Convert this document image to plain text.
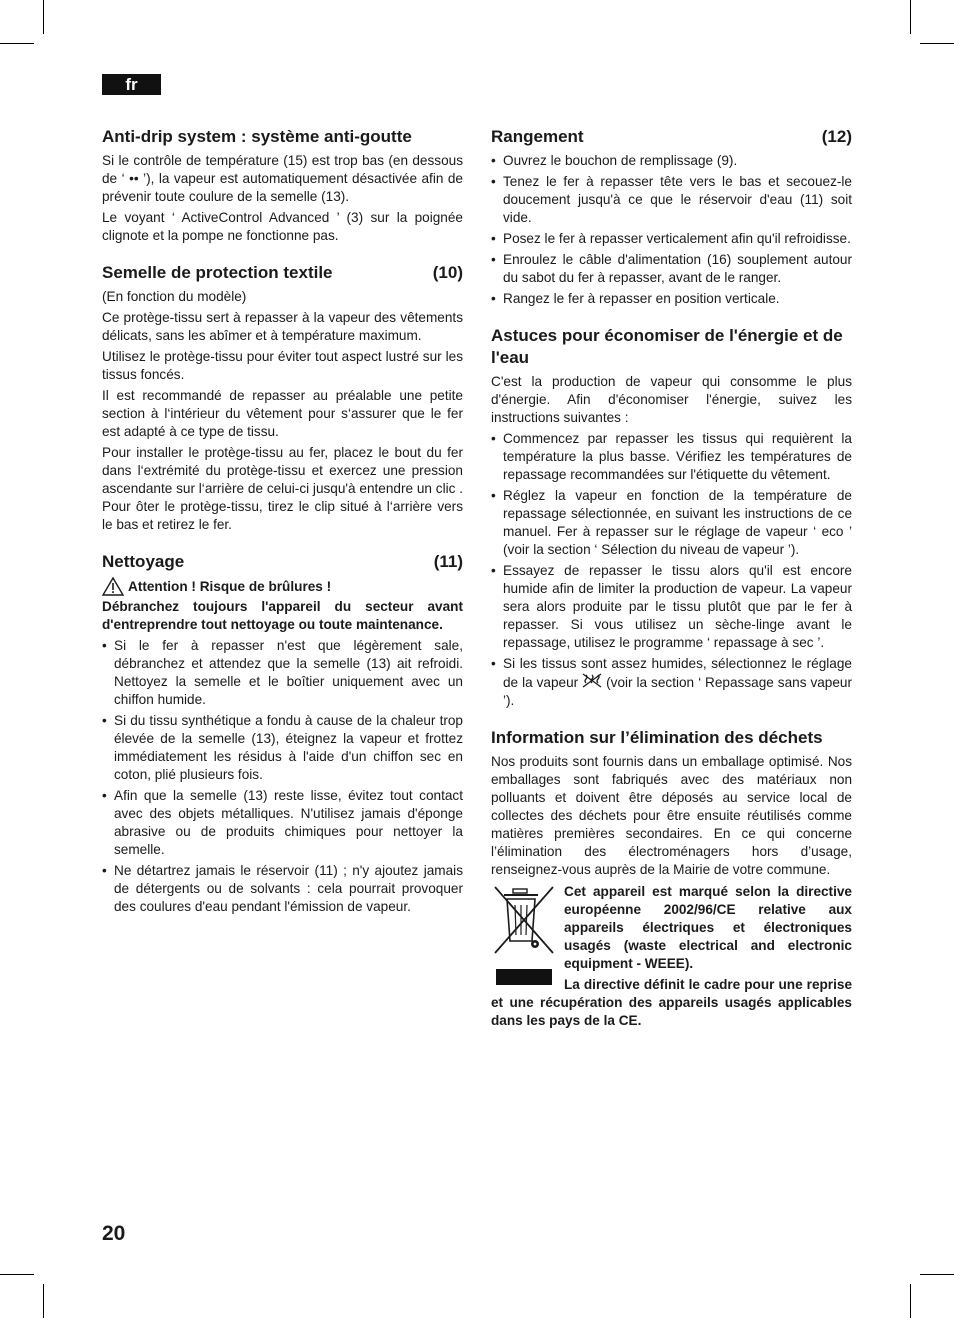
fr
Anti-drip system : système anti-goutte

Si le contrôle de température (15) est trop bas (en dessous de ‘ •• ’), la vapeur est automatiquement désactivée afin de prévenir toute coulure de la semelle (13).

Le voyant ‘ ActiveControl Advanced ’ (3) sur la poignée clignote et la pompe ne fonctionne pas.

Semelle de protection textile	(10)

(En fonction du modèle)

Ce protège-tissu sert à repasser à la vapeur des vêtements délicats, sans les abîmer et à température maximum.

Utilisez le protège-tissu pour éviter tout aspect lustré sur les tissus foncés.

Il est recommandé de repasser au préalable une petite section à l‘intérieur du vêtement pour s‘assurer que le fer est adapté à ce type de tissu.

Pour installer le protège-tissu au fer, placez le bout du fer dans l‘extrémité du protège-tissu et exercez une pression ascendante sur l‘arrière de celui-ci jusqu'à entendre un clic . Pour ôter le protège-tissu, tirez le clip situé à l‘arrière vers le bas et retirez le fer.

Nettoyage	(11)
Attention ! Risque de brûlures !

Débranchez toujours l'appareil du secteur avant d'entreprendre tout nettoyage ou toute maintenance.

• Si le fer à repasser n'est que légèrement sale, débranchez et attendez que la semelle (13) ait refroidi. Nettoyez la semelle et le boîtier uniquement avec un chiffon humide.
• Si du tissu synthétique a fondu à cause de la chaleur trop élevée de la semelle (13), éteignez la vapeur et frottez immédiatement les résidus à l'aide d'un chiffon sec en coton, plié plusieurs fois.
• Afin que la semelle (13) reste lisse, évitez tout contact avec des objets métalliques. N'utilisez jamais d'éponge abrasive ou de produits chimiques pour nettoyer la semelle.
• Ne détartrez jamais le réservoir (11) ; n'y ajoutez jamais de détergents ou de solvants : cela pourrait provoquer des coulures d'eau pendant l'émission de vapeur.
Rangement	(12)
• Ouvrez le bouchon de remplissage (9).
• Tenez le fer à repasser tête vers le bas et secouez-le doucement jusqu'à ce que le réservoir d'eau (11) soit vide.
• Posez le fer à repasser verticalement afin qu'il refroidisse.
• Enroulez le câble d'alimentation (16) souplement autour du sabot du fer à repasser, avant de le ranger.
• Rangez le fer à repasser en position verticale.
Astuces pour économiser de l'énergie et de l'eau

C'est la production de vapeur qui consomme le plus d'énergie. Afin d'économiser l'énergie, suivez les instructions suivantes :

• Commencez par repasser les tissus qui requièrent la température la plus basse. Vérifiez les températures de repassage recommandées sur l'étiquette du vêtement.
• Réglez la vapeur en fonction de la température de repassage sélectionnée, en suivant les instructions de ce manuel. Fer à repasser sur le réglage de vapeur ‘ eco ’ (voir la section ‘ Sélection du niveau de vapeur ’).
• Essayez de repasser le tissu alors qu'il est encore humide afin de limiter la production de vapeur. La vapeur sera alors produite par le tissu plutôt que par le fer à repasser. Si vous utilisez un sèche-linge avant le repassage, utilisez le programme ‘ repassage à sec ’.
• Si les tissus sont assez humides, sélectionnez le réglage de la vapeur (voir la section ‘ Repassage sans vapeur ’).
Information sur l’élimination des déchets

Nos produits sont fournis dans un emballage optimisé. Nos emballages sont fabriqués avec des matériaux non polluants et doivent être déposés au service local de collectes des déchets pour être ensuite réutilisés comme matières premières secondaires. En ce qui concerne l’élimination des électroménagers hors d’usage, renseignez-vous auprès de la Mairie de votre commune.

Cet appareil est marqué selon la directive européenne 2002/96/CE relative aux appareils électriques et électroniques usagés (waste electrical and electronic equipment - WEEE).

La directive définit le cadre pour une reprise et une récupération des appareils usagés applicables dans les pays de la CE.

20
